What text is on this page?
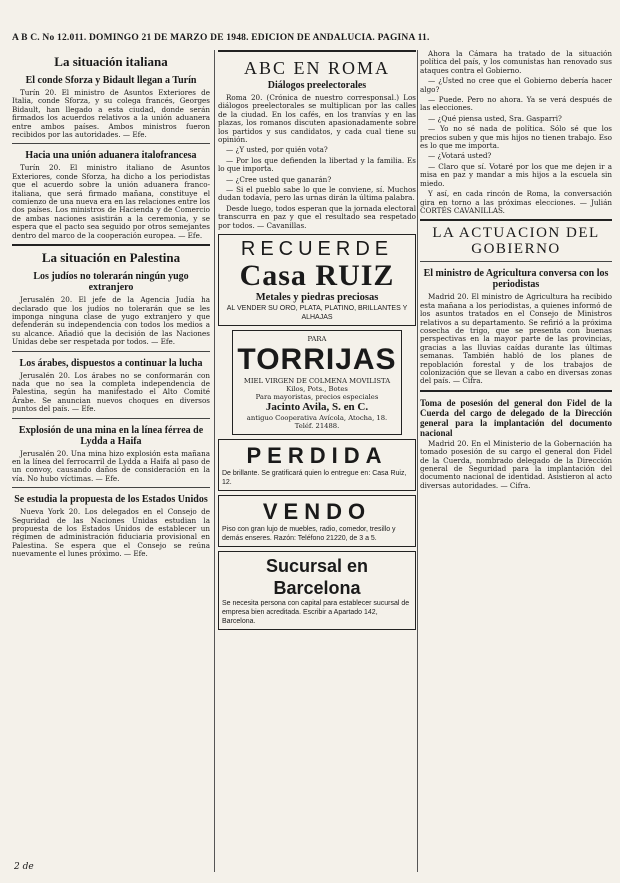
A B C. No 12.011. DOMINGO 21 DE MARZO DE 1948. EDICION DE ANDALUCIA. PAGINA 11.
La situación italiana
El conde Sforza y Bidault llegan a Turín

Turín 20. El ministro de Asuntos Exteriores de Italia, conde Sforza, y su colega francés, Georges Bidault, han llegado a esta ciudad, donde serán firmados los acuerdos relativos a la unión aduanera entre ambos países. Ambos ministros fueron recibidos por las autoridades. — Efe.

Hacia una unión aduanera italofrancesa

Turín 20. El ministro italiano de Asuntos Exteriores, conde Sforza, ha dicho a los periodistas que el acuerdo sobre la unión aduanera franco-italiana, que será firmado mañana, constituye el comienzo de una nueva era en las relaciones entre los dos países. Los ministros de Hacienda y de Comercio de ambas naciones asistirán a la ceremonia, y se espera que el pacto sea seguido por otros semejantes dentro del marco de la cooperación europea. — Efe.

La situación en Palestina
Los judíos no tolerarán ningún yugo extranjero

Jerusalén 20. El jefe de la Agencia Judía ha declarado que los judíos no tolerarán que se les imponga ninguna clase de yugo extranjero y que defenderán su independencia con todos los medios a su alcance. Añadió que la decisión de las Naciones Unidas debe ser respetada por todos. — Efe.

Los árabes, dispuestos a continuar la lucha

Jerusalén 20. Los árabes no se conformarán con nada que no sea la completa independencia de Palestina, según ha manifestado el Alto Comité Árabe. Se anuncian nuevos choques en diversos puntos del país. — Efe.

Explosión de una mina en la línea férrea de Lydda a Haifa

Jerusalén 20. Una mina hizo explosión esta mañana en la línea del ferrocarril de Lydda a Haifa al paso de un convoy, causando daños de consideración en la vía. No hubo víctimas. — Efe.

Se estudia la propuesta de los Estados Unidos

Nueva York 20. Los delegados en el Consejo de Seguridad de las Naciones Unidas estudian la propuesta de los Estados Unidos de establecer un régimen de administración fiduciaria provisional en Palestina. Se espera que el Consejo se reúna nuevamente el lunes próximo. — Efe.

2 de
ABC EN ROMA
Diálogos preelectorales

Roma 20. (Crónica de nuestro corresponsal.) Los diálogos preelectorales se multiplican por las calles de la ciudad. En los cafés, en los tranvías y en las plazas, los romanos discuten apasionadamente sobre los partidos y sus candidatos, y cada cual tiene su opinión.

— ¿Y usted, por quién vota?

— Por los que defienden la libertad y la familia. Es lo que importa.

— ¿Cree usted que ganarán?

— Si el pueblo sabe lo que le conviene, sí. Muchos dudan todavía, pero las urnas dirán la última palabra.

Desde luego, todos esperan que la jornada electoral transcurra en paz y que el resultado sea respetado por todos. — Cavanillas.

RECUERDE
Casa RUIZ
Metales y piedras preciosas
AL VENDER SU ORO, PLATA, PLATINO, BRILLANTES Y ALHAJAS
PARA
TORRIJAS
MIEL VIRGEN DE COLMENA MOVILISTA
Kilos, Pots., Botes
Para mayoristas, precios especiales
Jacinto Avila, S. en C.
antiguo Cooperativa Avícola, Atocha, 18. Teléf. 21488.
PERDIDA
De brillante. Se gratificará quien lo entregue en: Casa Ruiz, 12.
VENDO
Piso con gran lujo de muebles, radio, comedor, tresillo y demás enseres. Razón: Teléfono 21220, de 3 a 5.
Sucursal en Barcelona
Se necesita persona con capital para establecer sucursal de empresa bien acreditada. Escribir a Apartado 142, Barcelona.

Ahora la Cámara ha tratado de la situación política del país, y los comunistas han renovado sus ataques contra el Gobierno.

— ¿Usted no cree que el Gobierno debería hacer algo?

— Puede. Pero no ahora. Ya se verá después de las elecciones.

— ¿Qué piensa usted, Sra. Gasparri?

— Yo no sé nada de política. Sólo sé que los precios suben y que mis hijos no tienen trabajo. Eso es lo que me importa.

— ¿Votará usted?

— Claro que sí. Votaré por los que me dejen ir a misa en paz y mandar a mis hijos a la escuela sin miedo.

Y así, en cada rincón de Roma, la conversación gira en torno a las próximas elecciones. — Julián CORTÉS CAVANILLAS.

LA ACTUACION DEL GOBIERNO
El ministro de Agricultura conversa con los periodistas

Madrid 20. El ministro de Agricultura ha recibido esta mañana a los periodistas, a quienes informó de los asuntos tratados en el Consejo de Ministros relativos a su departamento. Se refirió a la próxima cosecha de trigo, que se presenta con buenas perspectivas en la mayor parte de las provincias, gracias a las lluvias caídas durante las últimas semanas. También habló de los planes de repoblación forestal y de los trabajos de colonización que se llevan a cabo en diversas zonas del país. — Cifra.

Toma de posesión del general don Fidel de la Cuerda del cargo de delegado de la Dirección general para la implantación del documento nacional

Madrid 20. En el Ministerio de la Gobernación ha tomado posesión de su cargo el general don Fidel de la Cuerda, nombrado delegado de la Dirección general de Seguridad para la implantación del documento nacional de identidad. Asistieron al acto diversas autoridades. — Cifra.
